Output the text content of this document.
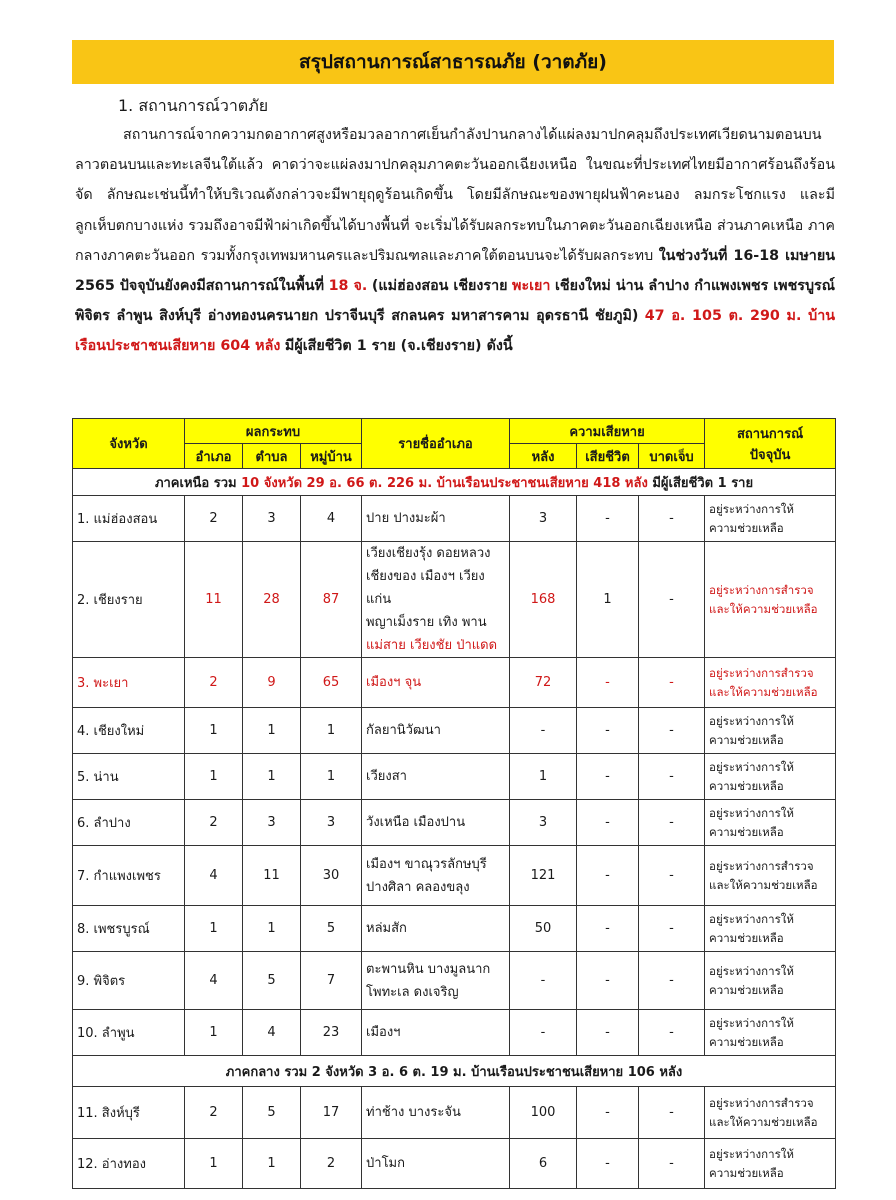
สรุปสถานการณ์สาธารณภัย (วาตภัย)
1. สถานการณ์วาตภัย
สถานการณ์จากความกดอากาศสูงหรือมวลอากาศเย็นกำลังปานกลางได้แผ่ลงมาปกคลุมถึงประเทศเวียดนามตอนบน ลาวตอนบนและทะเลจีนใต้แล้ว คาดว่าจะแผ่ลงมาปกคลุมภาคตะวันออกเฉียงเหนือ ในขณะที่ประเทศไทยมีอากาศร้อนถึงร้อนจัด ลักษณะเช่นนี้ทำให้บริเวณดังกล่าวจะมีพายุฤดูร้อนเกิดขึ้น โดยมีลักษณะของพายุฝนฟ้าคะนอง ลมกระโชกแรง และมีลูกเห็บตกบางแห่ง รวมถึงอาจมีฟ้าผ่าเกิดขึ้นได้บางพื้นที่ จะเริ่มได้รับผลกระทบในภาคตะวันออกเฉียงเหนือ ส่วนภาคเหนือ ภาคกลางภาคตะวันออก รวมทั้งกรุงเทพมหานครและปริมณฑลและภาคใต้ตอนบนจะได้รับผลกระทบ ในช่วงวันที่ 16-18 เมษายน 2565 ปัจจุบันยังคงมีสถานการณ์ในพื้นที่ 18 จ. (แม่ฮ่องสอน เชียงราย พะเยา เชียงใหม่ น่าน ลำปาง กำแพงเพชร เพชรบูรณ์ พิจิตร ลำพูน สิงห์บุรี อ่างทองนครนายก ปราจีนบุรี สกลนคร มหาสารคาม อุดรธานี ชัยภูมิ) 47 อ. 105 ต. 290 ม. บ้านเรือนประชาชนเสียหาย 604 หลัง มีผู้เสียชีวิต 1 ราย (จ.เชียงราย) ดังนี้
จังหวัด	ผลกระทบ			รายชื่ออำเภอ	ความเสียหาย			สถานการณ์
ปัจจุบัน
	อำเภอ	ตำบล	หมู่บ้าน		หลัง	เสียชีวิต	บาดเจ็บ	
ภาคเหนือ รวม 10 จังหวัด 29 อ. 66 ต. 226 ม. บ้านเรือนประชาชนเสียหาย 418 หลัง มีผู้เสียชีวิต 1 ราย								
1. แม่ฮ่องสอน	2	3	4	ปาย ปางมะผ้า	3	-	-	อยู่ระหว่างการให้
ความช่วยเหลือ
2. เชียงราย	11	28	87	เวียงเชียงรุ้ง ดอยหลวง
เชียงของ เมืองฯ เวียงแก่น
พญาเม็งราย เทิง พาน
แม่สาย เวียงชัย ป่าแดด	168	1	-	อยู่ระหว่างการสำรวจ
และให้ความช่วยเหลือ
3. พะเยา	2	9	65	เมืองฯ จุน	72	-	-	อยู่ระหว่างการสำรวจ
และให้ความช่วยเหลือ
4. เชียงใหม่	1	1	1	กัลยานิวัฒนา	-	-	-	อยู่ระหว่างการให้
ความช่วยเหลือ
5. น่าน	1	1	1	เวียงสา	1	-	-	อยู่ระหว่างการให้
ความช่วยเหลือ
6. ลำปาง	2	3	3	วังเหนือ เมืองปาน	3	-	-	อยู่ระหว่างการให้
ความช่วยเหลือ
7. กำแพงเพชร	4	11	30	เมืองฯ ขาณุวรลักษบุรี
ปางศิลา คลองขลุง	121	-	-	อยู่ระหว่างการสำรวจ
และให้ความช่วยเหลือ
8. เพชรบูรณ์	1	1	5	หล่มสัก	50	-	-	อยู่ระหว่างการให้
ความช่วยเหลือ
9. พิจิตร	4	5	7	ตะพานหิน บางมูลนาก
โพทะเล ดงเจริญ	-	-	-	อยู่ระหว่างการให้
ความช่วยเหลือ
10. ลำพูน	1	4	23	เมืองฯ	-	-	-	อยู่ระหว่างการให้
ความช่วยเหลือ
ภาคกลาง รวม 2 จังหวัด 3 อ. 6 ต. 19 ม. บ้านเรือนประชาชนเสียหาย 106 หลัง								
11. สิงห์บุรี	2	5	17	ท่าช้าง บางระจัน	100	-	-	อยู่ระหว่างการสำรวจ
และให้ความช่วยเหลือ
12. อ่างทอง	1	1	2	ป่าโมก	6	-	-	อยู่ระหว่างการให้
ความช่วยเหลือ
